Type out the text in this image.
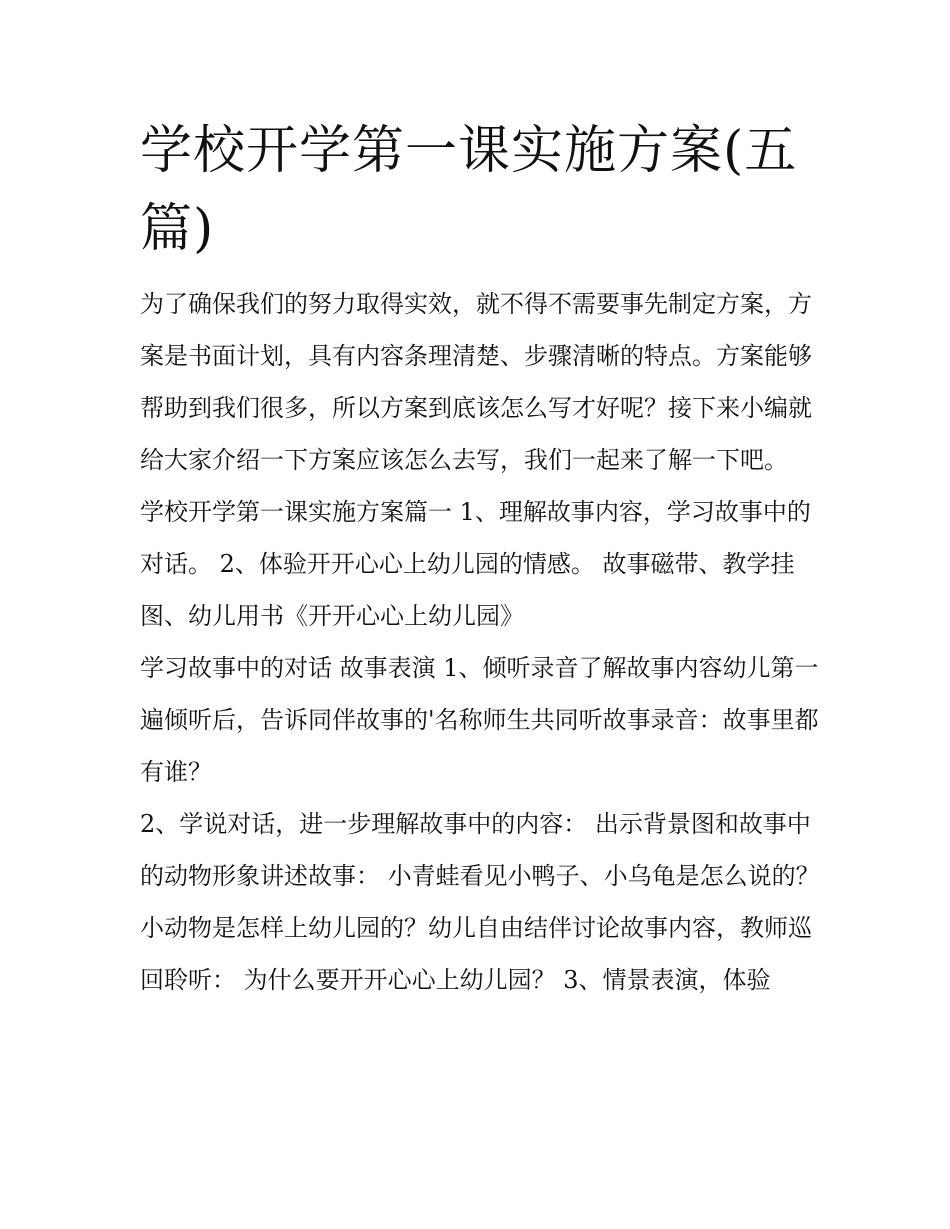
学校开学第一课实施方案(五篇)

为了确保我们的努力取得实效，就不得不需要事先制定方案，方案是书面计划，具有内容条理清楚、步骤清晰的特点。方案能够帮助到我们很多，所以方案到底该怎么写才好呢？接下来小编就给大家介绍一下方案应该怎么去写，我们一起来了解一下吧。

学校开学第一课实施方案篇一 1、理解故事内容，学习故事中的对话。 2、体验开开心心上幼儿园的情感。 故事磁带、教学挂图、幼儿用书《开开心心上幼儿园》

学习故事中的对话 故事表演 1、倾听录音了解故事内容幼儿第一遍倾听后，告诉同伴故事的'名称师生共同听故事录音：故事里都有谁？

2、学说对话，进一步理解故事中的内容： 出示背景图和故事中的动物形象讲述故事： 小青蛙看见小鸭子、小乌龟是怎么说的？

小动物是怎样上幼儿园的？幼儿自由结伴讨论故事内容，教师巡回聆听： 为什么要开开心心上幼儿园？ 3、情景表演，体验
